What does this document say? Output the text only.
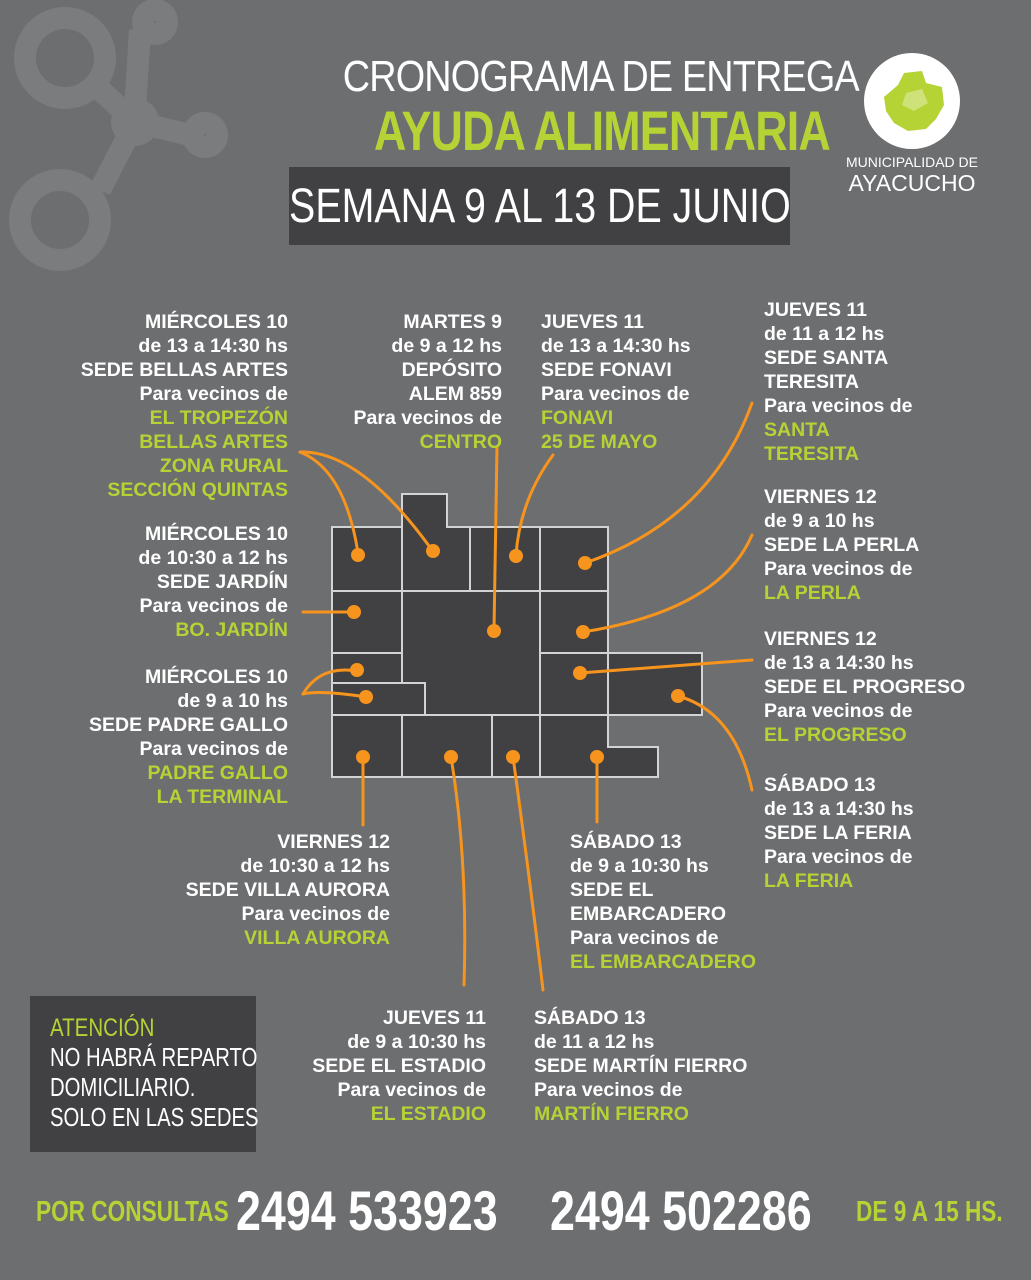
CRONOGRAMA DE ENTREGA
AYUDA ALIMENTARIA
SEMANA 9 AL 13 DE JUNIO
MUNICIPALIDAD DE
AYACUCHO
MIÉRCOLES 10
de 13 a 14:30 hs
SEDE BELLAS ARTES
Para vecinos de
EL TROPEZÓN
BELLAS ARTES
ZONA RURAL
SECCIÓN QUINTAS
MARTES 9
de 9 a 12 hs
DEPÓSITO
ALEM 859
Para vecinos de
CENTRO
JUEVES 11
de 13 a 14:30 hs
SEDE FONAVI
Para vecinos de
FONAVI
25 DE MAYO
JUEVES 11
de 11 a 12 hs
SEDE SANTA
TERESITA
Para vecinos de
SANTA
TERESITA
MIÉRCOLES 10
de 10:30 a 12 hs
SEDE JARDÍN
Para vecinos de
BO. JARDÍN
VIERNES 12
de 9 a 10 hs
SEDE LA PERLA
Para vecinos de
LA PERLA
MIÉRCOLES 10
de 9 a 10 hs
SEDE PADRE GALLO
Para vecinos de
PADRE GALLO
LA TERMINAL
VIERNES 12
de 13 a 14:30 hs
SEDE EL PROGRESO
Para vecinos de
EL PROGRESO
SÁBADO 13
de 13 a 14:30 hs
SEDE LA FERIA
Para vecinos de
LA FERIA
VIERNES 12
de 10:30 a 12 hs
SEDE VILLA AURORA
Para vecinos de
VILLA AURORA
SÁBADO 13
de 9 a 10:30 hs
SEDE EL
EMBARCADERO
Para vecinos de
EL EMBARCADERO
JUEVES 11
de 9 a 10:30 hs
SEDE EL ESTADIO
Para vecinos de
EL ESTADIO
SÁBADO 13
de 11 a 12 hs
SEDE MARTÍN FIERRO
Para vecinos de
MARTÍN FIERRO
ATENCIÓN
NO HABRÁ REPARTO
DOMICILIARIO.
SOLO EN LAS SEDES
POR CONSULTAS 2494 533923 2494 502286 DE 9 A 15 HS.
